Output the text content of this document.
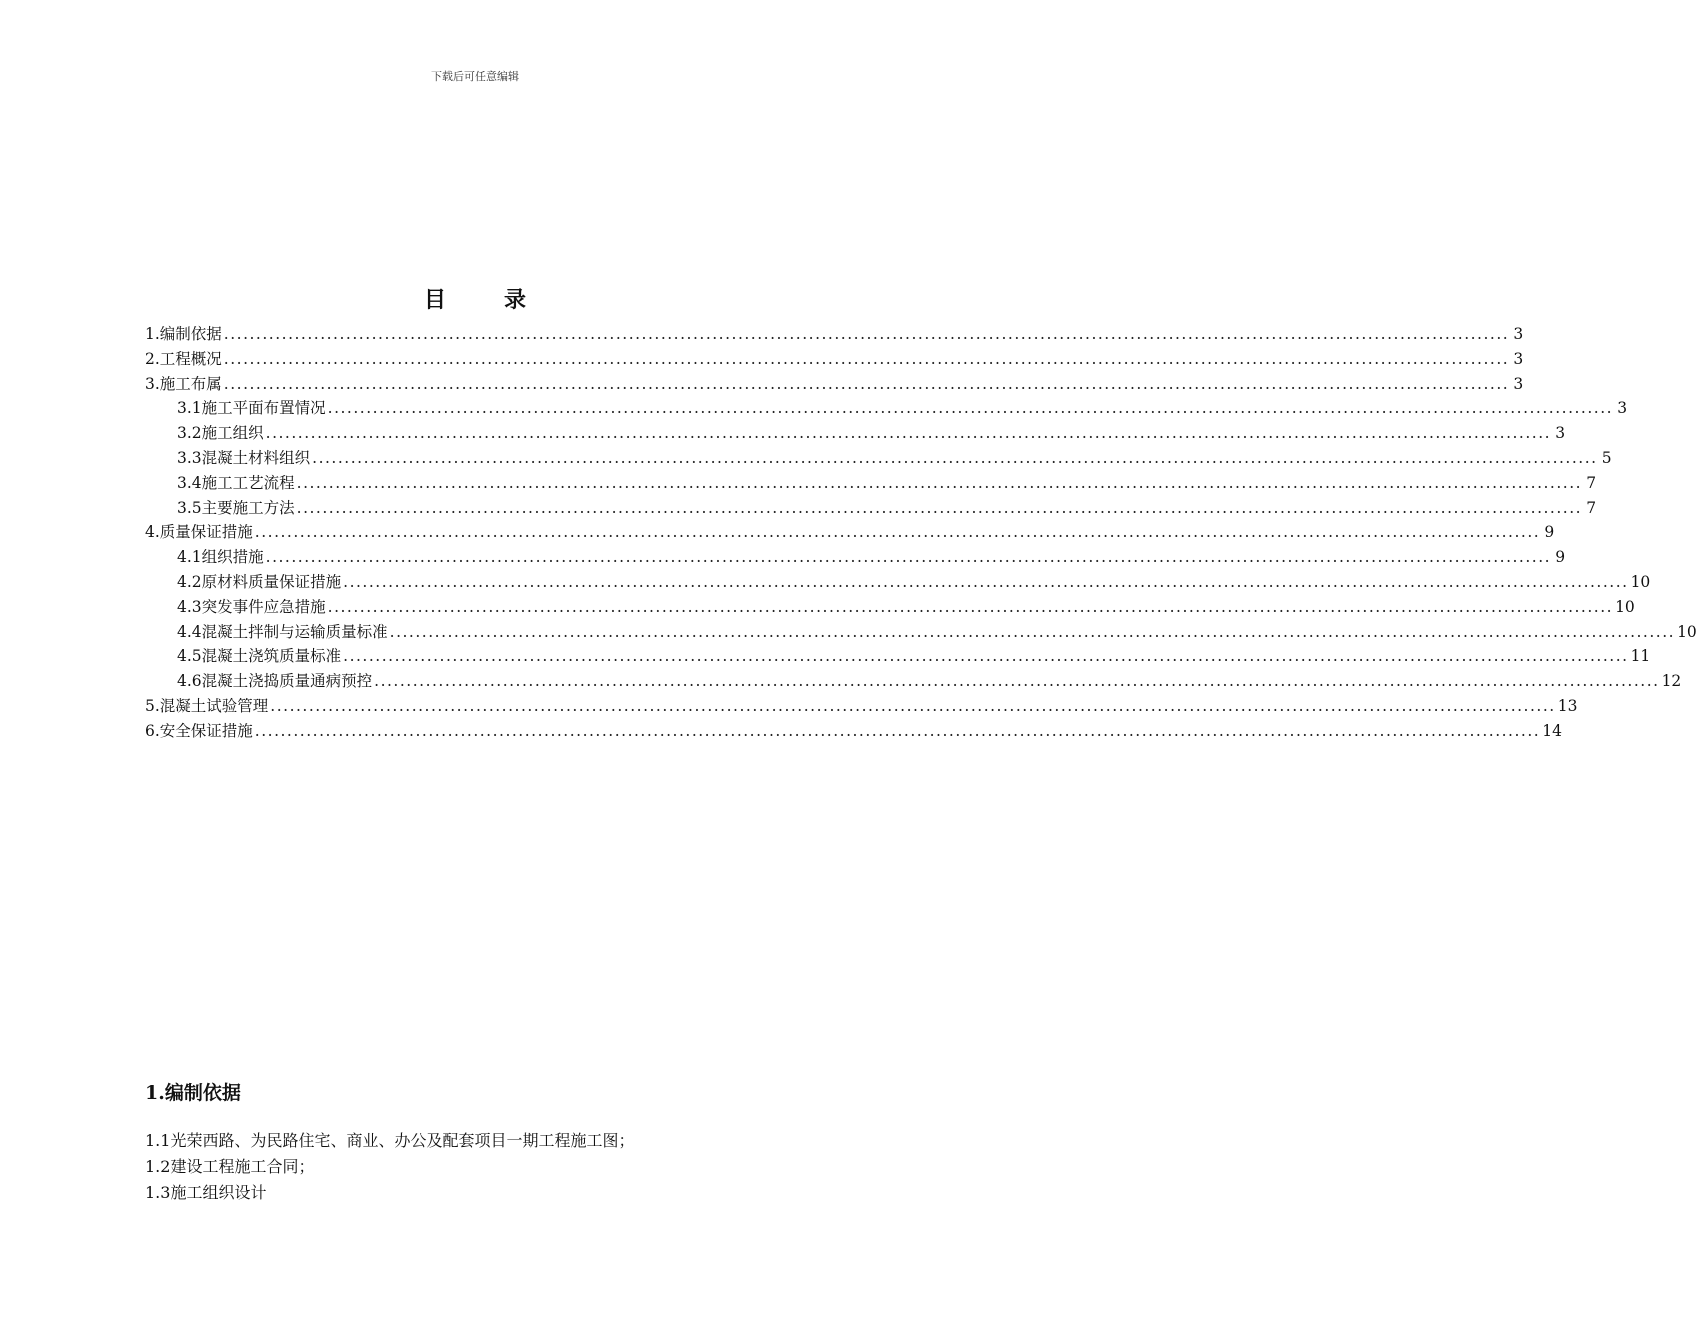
下载后可任意编辑
目	录
1.编制依据 ........................................................................................................................................................................................................ 3
2.工程概况 ........................................................................................................................................................................................................ 3
3.施工布属 ........................................................................................................................................................................................................ 3
3.1施工平面布置情况 ........................................................................................................................................................................................................ 3
3.2施工组织 ........................................................................................................................................................................................................ 3
3.3混凝土材料组织 ........................................................................................................................................................................................................ 5
3.4施工工艺流程 ........................................................................................................................................................................................................ 7
3.5主要施工方法 ........................................................................................................................................................................................................ 7
4.质量保证措施 ........................................................................................................................................................................................................ 9
4.1组织措施 ........................................................................................................................................................................................................ 9
4.2原材料质量保证措施 ........................................................................................................................................................................................................ 10
4.3突发事件应急措施 ........................................................................................................................................................................................................ 10
4.4混凝土拌制与运输质量标准 ........................................................................................................................................................................................................ 10
4.5混凝土浇筑质量标准 ........................................................................................................................................................................................................ 11
4.6混凝土浇捣质量通病预控 ........................................................................................................................................................................................................ 12
5.混凝土试验管理 ........................................................................................................................................................................................................ 13
6.安全保证措施 ........................................................................................................................................................................................................ 14
1.编制依据
1.1光荣西路、为民路住宅、商业、办公及配套项目一期工程施工图；
1.2建设工程施工合同；
1.3施工组织设计
